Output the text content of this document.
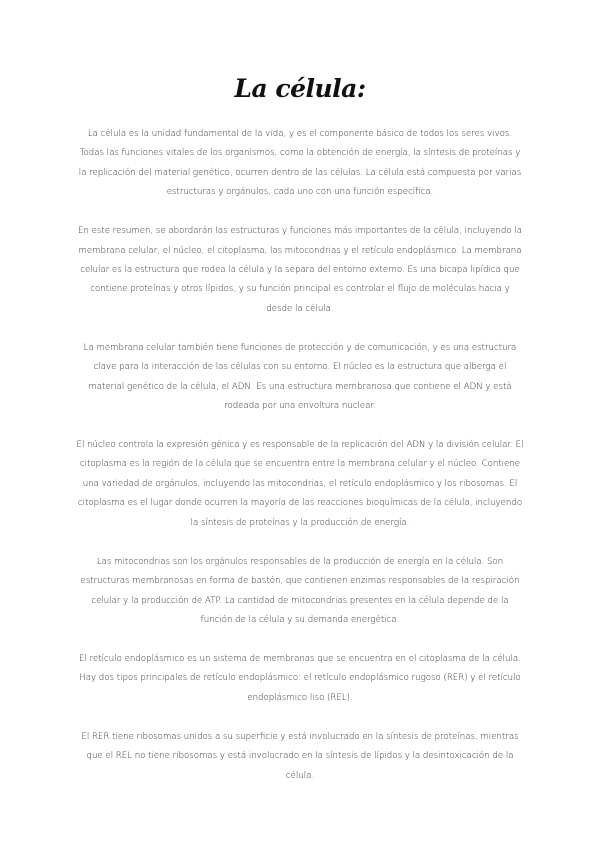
La célula:

La célula es la unidad fundamental de la vida, y es el componente básico de todos los seres vivos. Todas las funciones vitales de los organismos, como la obtención de energía, la síntesis de proteínas y la replicación del material genético, ocurren dentro de las células. La célula está compuesta por varias estructuras y orgánulos, cada uno con una función específica.

En este resumen, se abordarán las estructuras y funciones más importantes de la célula, incluyendo la membrana celular, el núcleo, el citoplasma, las mitocondrias y el retículo endoplásmico. La membrana celular es la estructura que rodea la célula y la separa del entorno externo. Es una bicapa lipídica que contiene proteínas y otros lípidos, y su función principal es controlar el flujo de moléculas hacia y desde la célula.

La membrana celular también tiene funciones de protección y de comunicación, y es una estructura clave para la interacción de las células con su entorno. El núcleo es la estructura que alberga el material genético de la célula, el ADN. Es una estructura membranosa que contiene el ADN y está rodeada por una envoltura nuclear.

El núcleo controla la expresión génica y es responsable de la replicación del ADN y la división celular. El citoplasma es la región de la célula que se encuentra entre la membrana celular y el núcleo. Contiene una variedad de orgánulos, incluyendo las mitocondrias, el retículo endoplásmico y los ribosomas. El citoplasma es el lugar donde ocurren la mayoría de las reacciones bioquímicas de la célula, incluyendo la síntesis de proteínas y la producción de energía.

Las mitocondrias son los orgánulos responsables de la producción de energía en la célula. Son estructuras membranosas en forma de bastón, que contienen enzimas responsables de la respiración celular y la producción de ATP. La cantidad de mitocondrias presentes en la célula depende de la función de la célula y su demanda energética.

El retículo endoplásmico es un sistema de membranas que se encuentra en el citoplasma de la célula. Hay dos tipos principales de retículo endoplásmico: el retículo endoplásmico rugoso (RER) y el retículo endoplásmico liso (REL).

El RER tiene ribosomas unidos a su superficie y está involucrado en la síntesis de proteínas, mientras que el REL no tiene ribosomas y está involucrado en la síntesis de lípidos y la desintoxicación de la célula.
